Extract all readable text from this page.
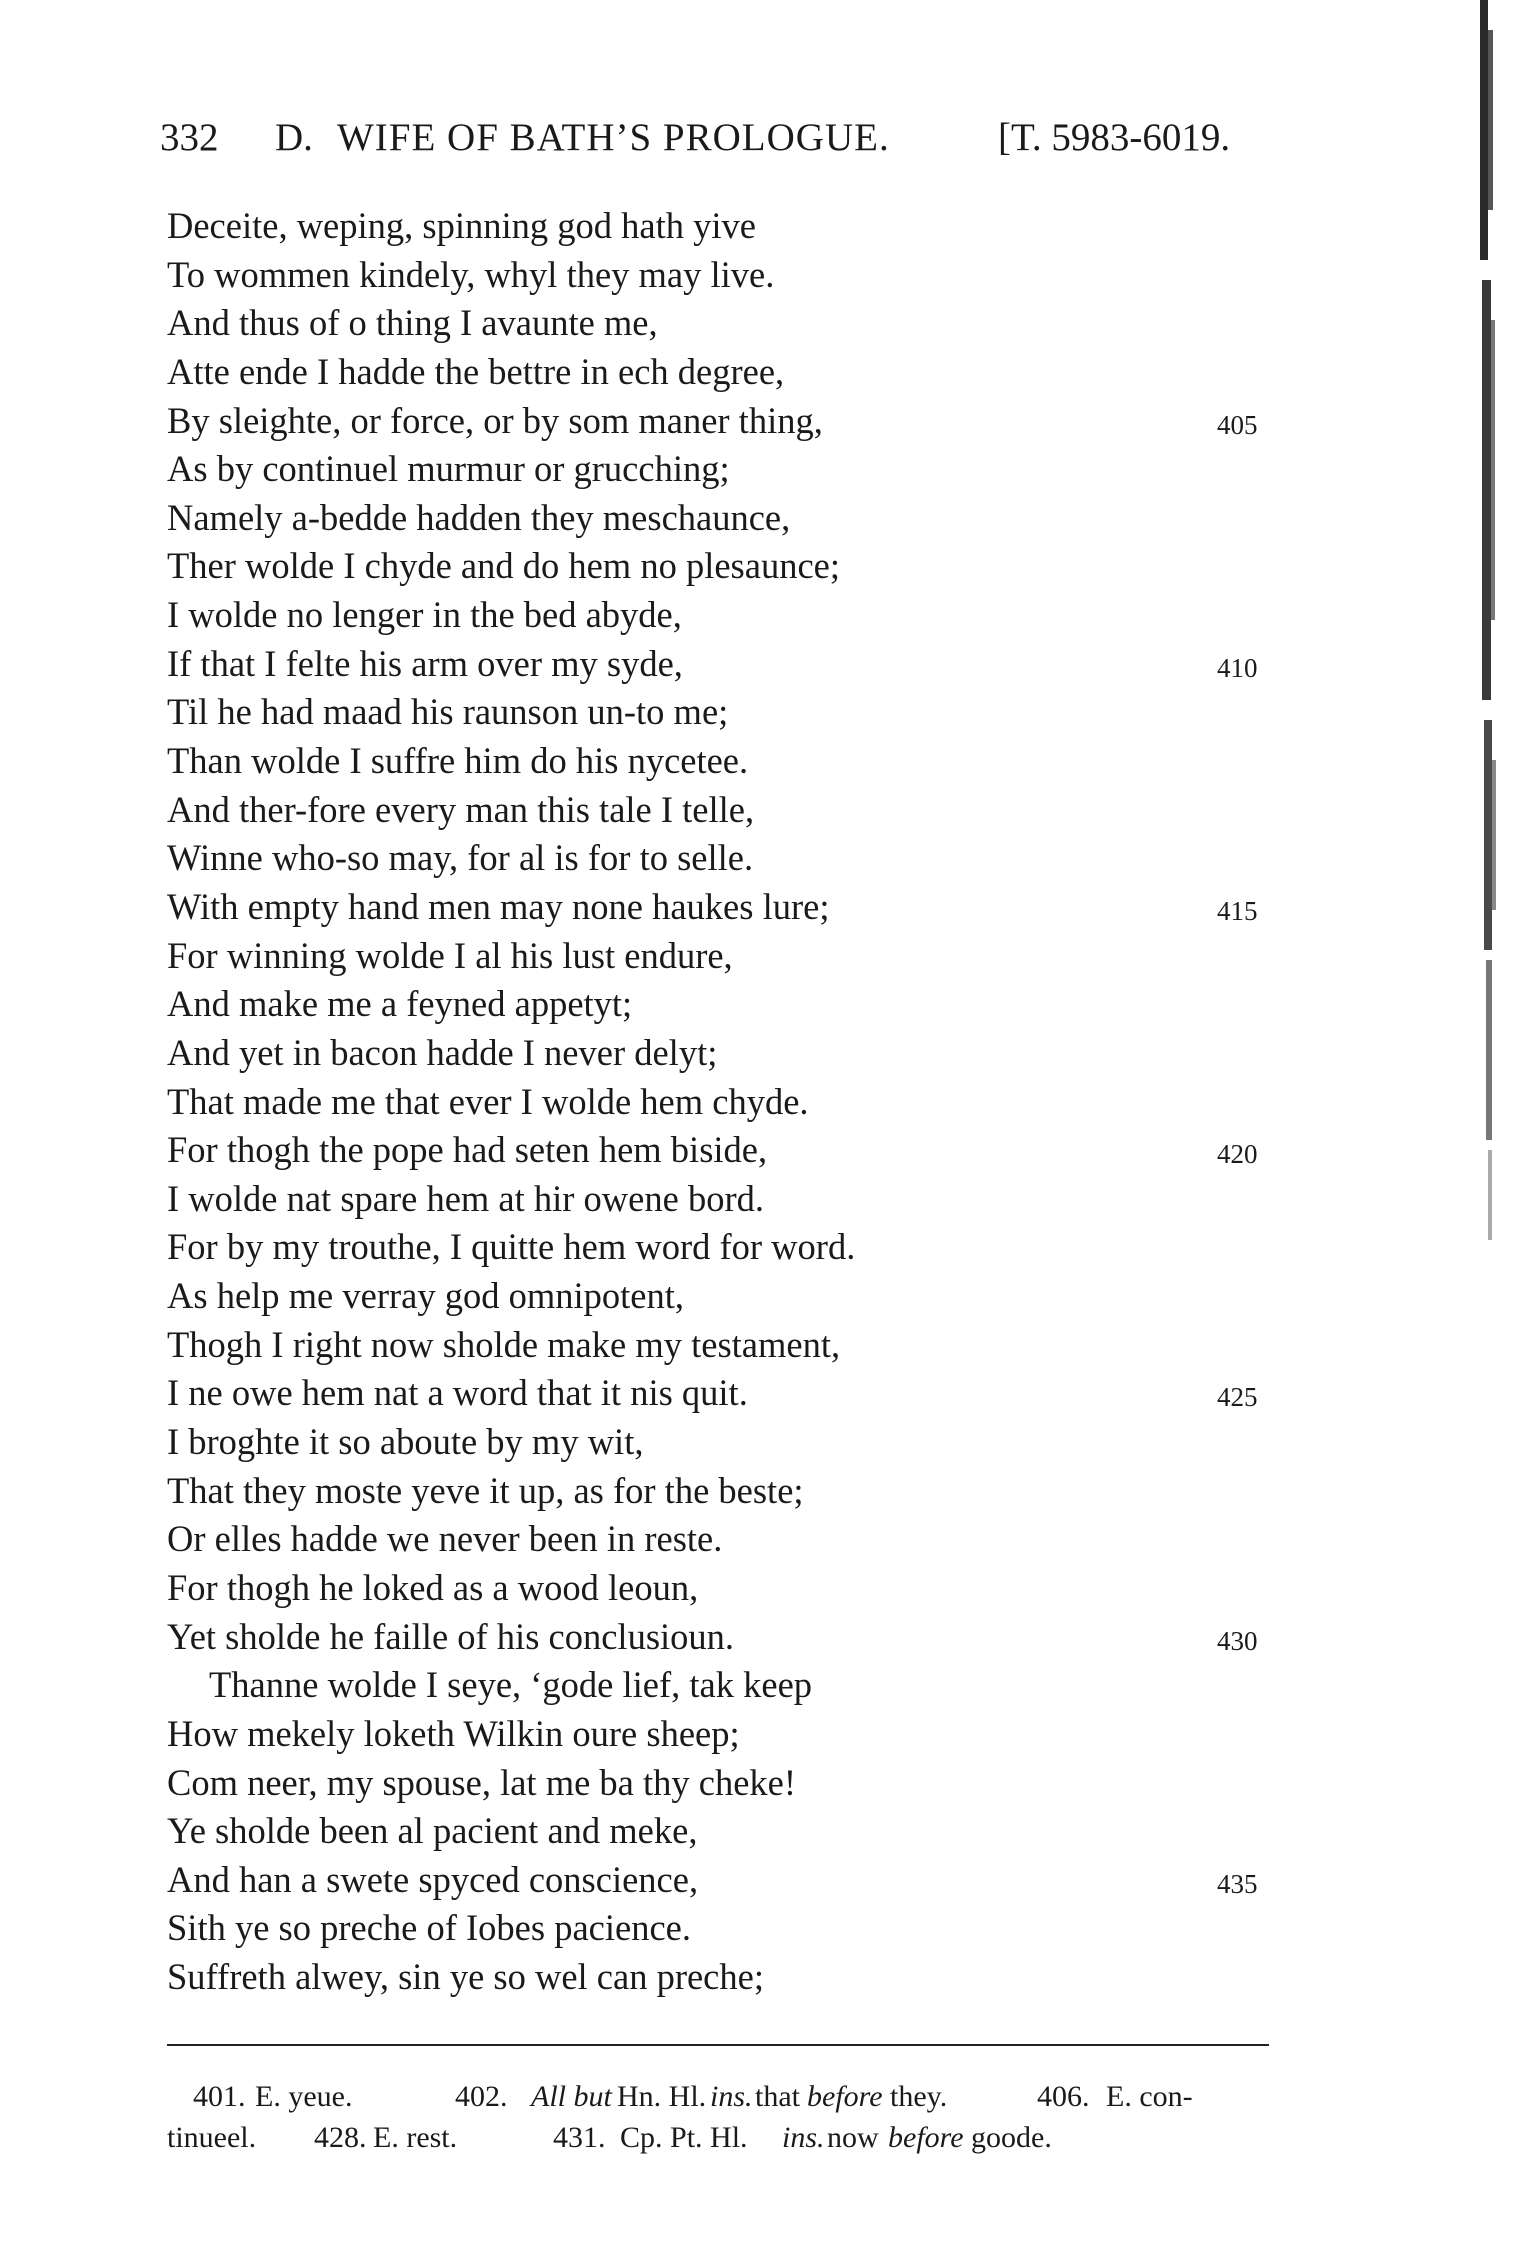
332 D. WIFE OF BATH’S PROLOGUE.	[T. 5983-6019.
Deceite, weping, spinning god hath yive
To wommen kindely, whyl they may live.
And thus of o thing I avaunte me,
Atte ende I hadde the bettre in ech degree,
By sleighte, or force, or by som maner thing,	405
As by continuel murmur or grucching;
Namely a-bedde hadden they meschaunce,
Ther wolde I chyde and do hem no plesaunce;
I wolde no lenger in the bed abyde,
If that I felte his arm over my syde,	410
Til he had maad his raunson un-to me;
Than wolde I suffre him do his nycetee.
And ther-fore every man this tale I telle,
Winne who-so may, for al is for to selle.
With empty hand men may none haukes lure;	415
For winning wolde I al his lust endure,
And make me a feyned appetyt;
And yet in bacon hadde I never delyt;
That made me that ever I wolde hem chyde.
For thogh the pope had seten hem biside,	420
I wolde nat spare hem at hir owene bord.
For by my trouthe, I quitte hem word for word.
As help me verray god omnipotent,
Thogh I right now sholde make my testament,
I ne owe hem nat a word that it nis quit.	425
I broghte it so aboute by my wit,
That they moste yeve it up, as for the beste;
Or elles hadde we never been in reste.
For thogh he loked as a wood leoun,
Yet sholde he faille of his conclusioun.	430
Thanne wolde I seye, ‘gode lief, tak keep
How mekely loketh Wilkin oure sheep;
Com neer, my spouse, lat me ba thy cheke!
Ye sholde been al pacient and meke,
And han a swete spyced conscience,	435
Sith ye so preche of Iobes pacience.
Suffreth alwey, sin ye so wel can preche;
401. E. yeue.	402. All but Hn. Hl. ins. that before they.	406. E. con-
tinueel. 428. E. rest.	431. Cp. Pt. Hl. ins. now before goode.
